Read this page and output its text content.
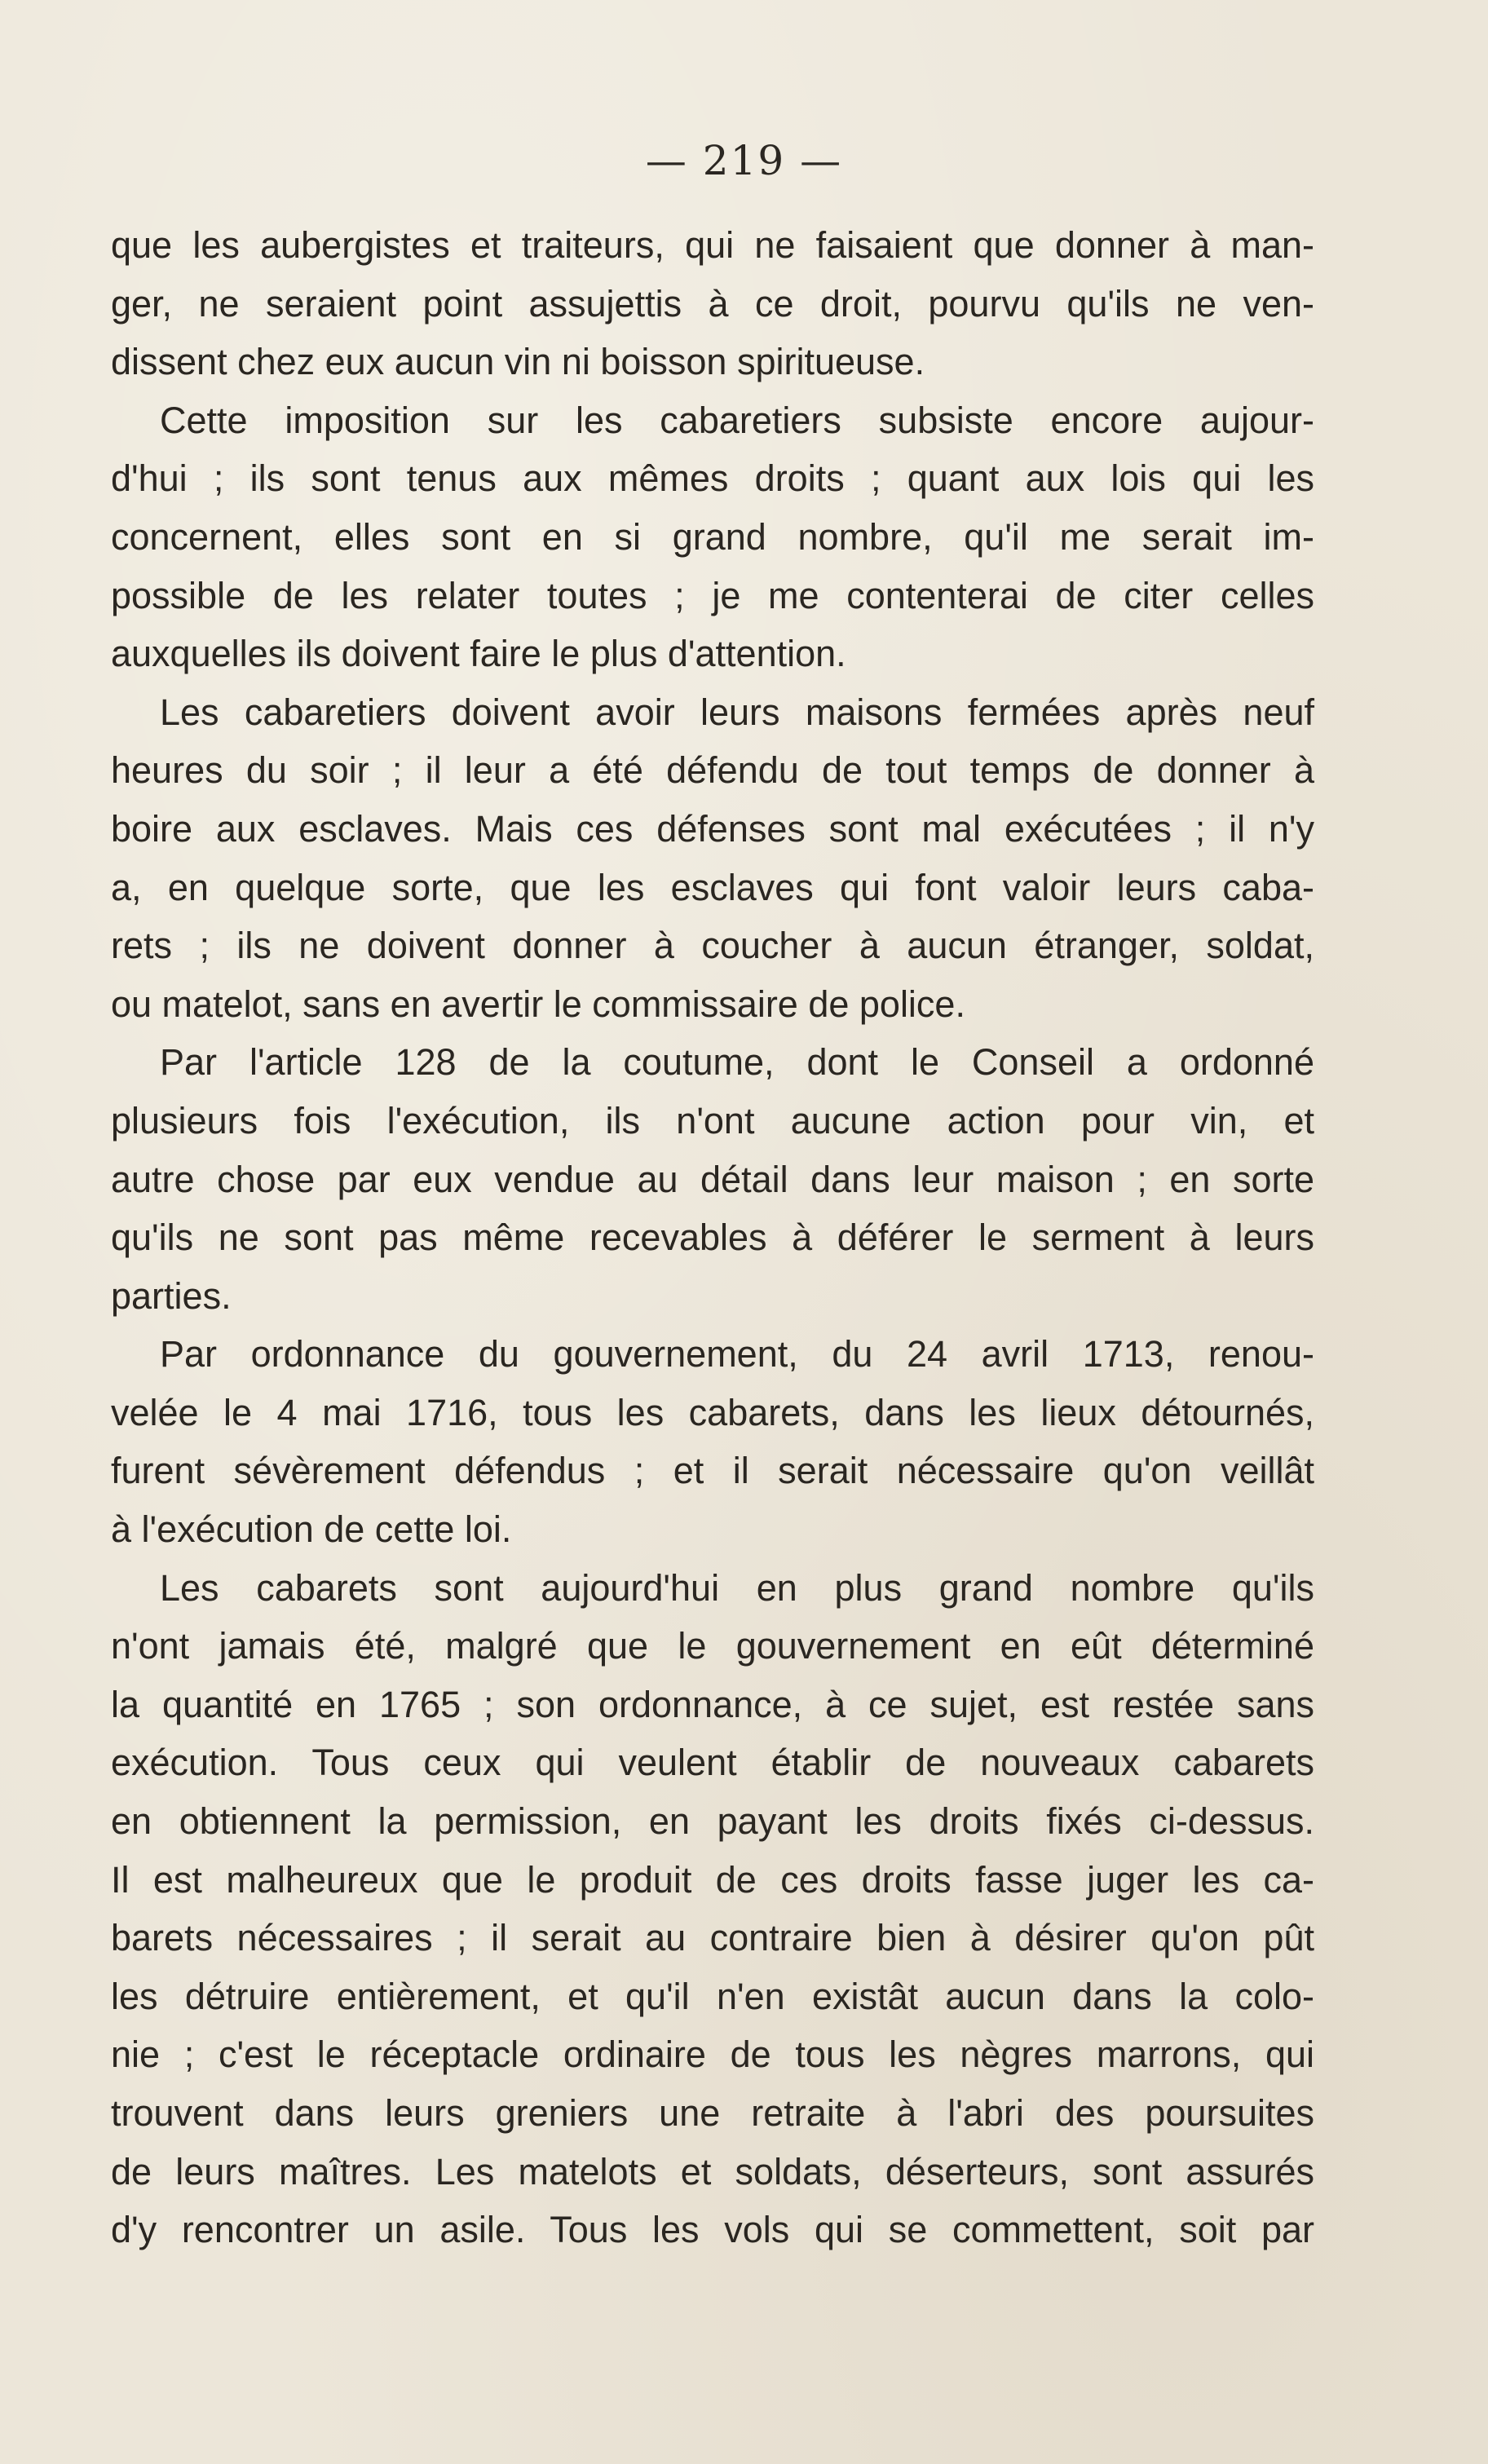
— 219 —
que les aubergistes et traiteurs, qui ne faisaient que donner à man-
ger, ne seraient point assujettis à ce droit, pourvu qu'ils ne ven-
dissent chez eux aucun vin ni boisson spiritueuse.
Cette imposition sur les cabaretiers subsiste encore aujour-
d'hui ; ils sont tenus aux mêmes droits ; quant aux lois qui les
concernent, elles sont en si grand nombre, qu'il me serait im-
possible de les relater toutes ; je me contenterai de citer celles
auxquelles ils doivent faire le plus d'attention.
Les cabaretiers doivent avoir leurs maisons fermées après neuf
heures du soir ; il leur a été défendu de tout temps de donner à
boire aux esclaves. Mais ces défenses sont mal exécutées ; il n'y
a, en quelque sorte, que les esclaves qui font valoir leurs caba-
rets ; ils ne doivent donner à coucher à aucun étranger, soldat,
ou matelot, sans en avertir le commissaire de police.
Par l'article 128 de la coutume, dont le Conseil a ordonné
plusieurs fois l'exécution, ils n'ont aucune action pour vin, et
autre chose par eux vendue au détail dans leur maison ; en sorte
qu'ils ne sont pas même recevables à déférer le serment à leurs
parties.
Par ordonnance du gouvernement, du 24 avril 1713, renou-
velée le 4 mai 1716, tous les cabarets, dans les lieux détournés,
furent sévèrement défendus ; et il serait nécessaire qu'on veillât
à l'exécution de cette loi.
Les cabarets sont aujourd'hui en plus grand nombre qu'ils
n'ont jamais été, malgré que le gouvernement en eût déterminé
la quantité en 1765 ; son ordonnance, à ce sujet, est restée sans
exécution. Tous ceux qui veulent établir de nouveaux cabarets
en obtiennent la permission, en payant les droits fixés ci-dessus.
Il est malheureux que le produit de ces droits fasse juger les ca-
barets nécessaires ; il serait au contraire bien à désirer qu'on pût
les détruire entièrement, et qu'il n'en existât aucun dans la colo-
nie ; c'est le réceptacle ordinaire de tous les nègres marrons, qui
trouvent dans leurs greniers une retraite à l'abri des poursuites
de leurs maîtres. Les matelots et soldats, déserteurs, sont assurés
d'y rencontrer un asile. Tous les vols qui se commettent, soit par
